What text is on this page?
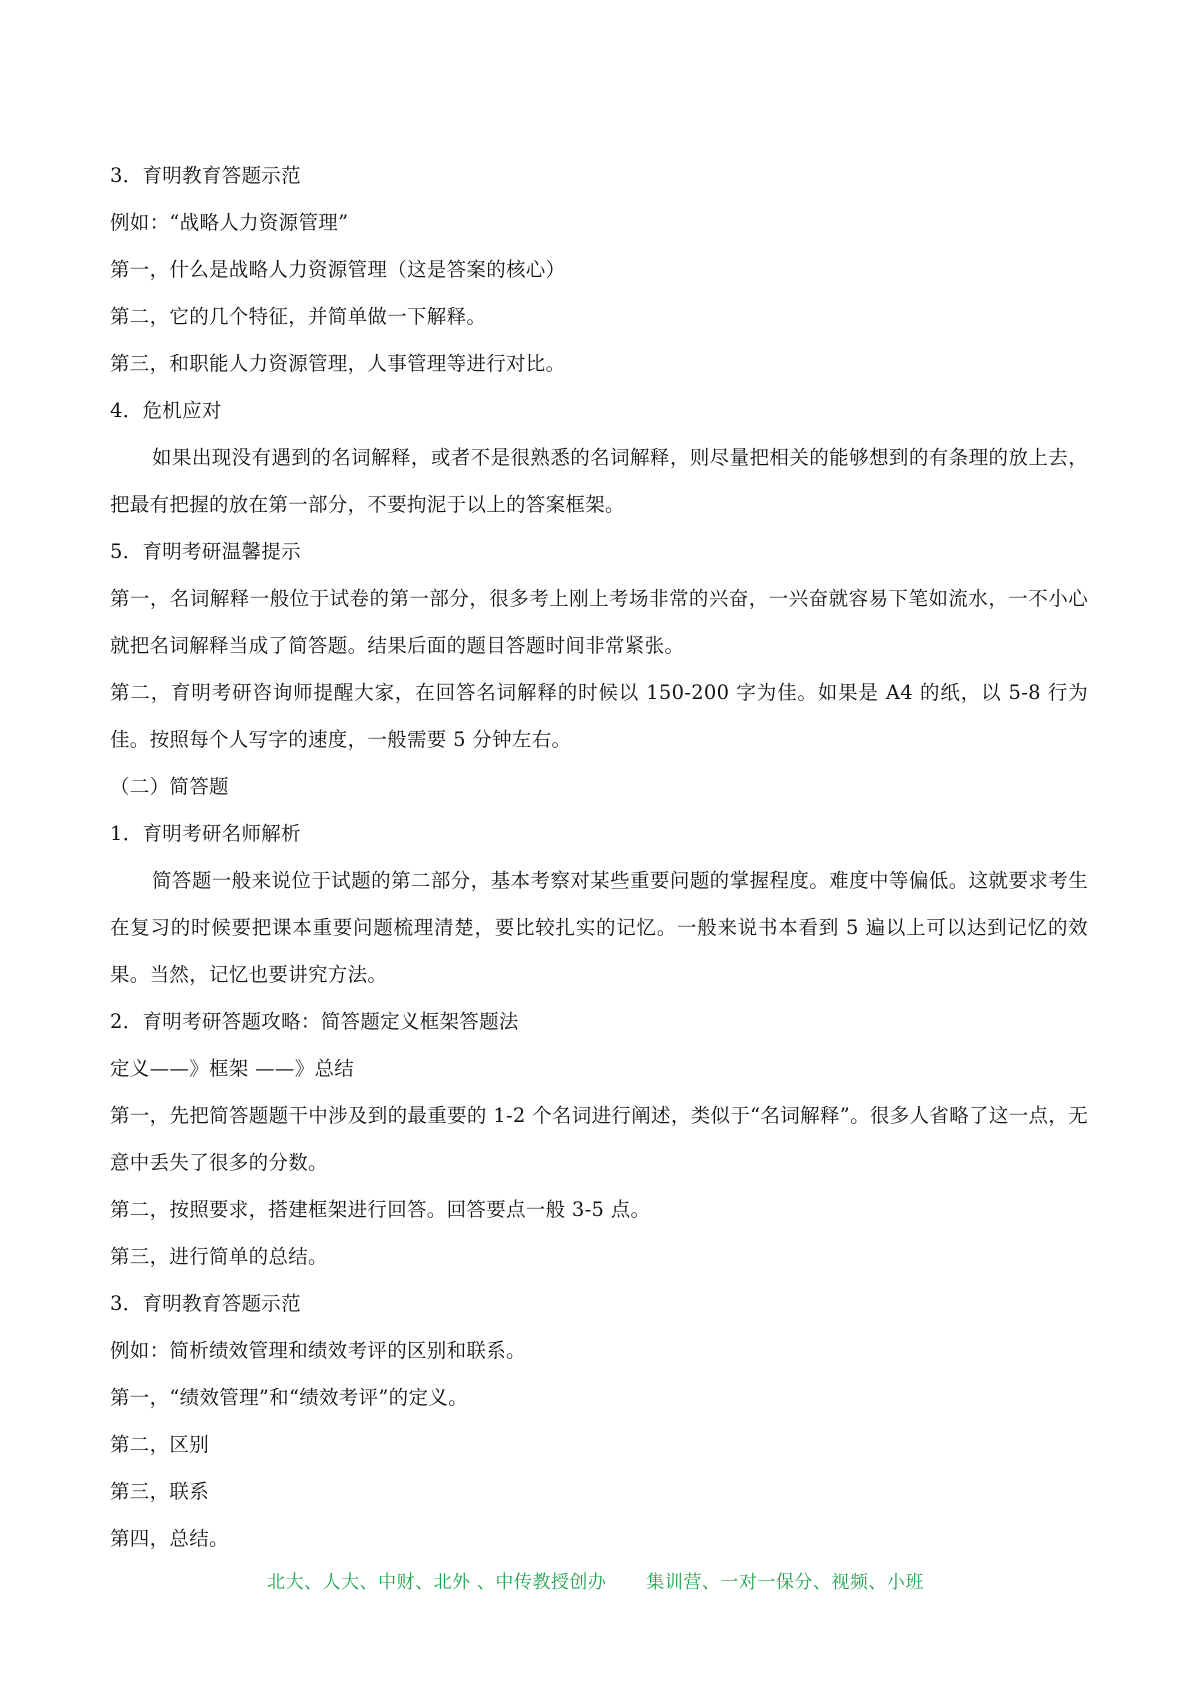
3．育明教育答题示范
例如：“战略人力资源管理”
第一，什么是战略人力资源管理（这是答案的核心）
第二，它的几个特征，并简单做一下解释。
第三，和职能人力资源管理，人事管理等进行对比。
4．危机应对

如果出现没有遇到的名词解释，或者不是很熟悉的名词解释，则尽量把相关的能够想到的有条理的放上去，把最有把握的放在第一部分，不要拘泥于以上的答案框架。

5．育明考研温馨提示

第一，名词解释一般位于试卷的第一部分，很多考上刚上考场非常的兴奋，一兴奋就容易下笔如流水，一不小心就把名词解释当成了简答题。结果后面的题目答题时间非常紧张。

第二，育明考研咨询师提醒大家，在回答名词解释的时候以 150-200 字为佳。如果是 A4 的纸，以 5-8 行为佳。按照每个人写字的速度，一般需要 5 分钟左右。

（二）简答题
1．育明考研名师解析

简答题一般来说位于试题的第二部分，基本考察对某些重要问题的掌握程度。难度中等偏低。这就要求考生在复习的时候要把课本重要问题梳理清楚，要比较扎实的记忆。一般来说书本看到 5 遍以上可以达到记忆的效果。当然，记忆也要讲究方法。

2．育明考研答题攻略：简答题定义框架答题法
定义——》框架 ——》总结

第一，先把简答题题干中涉及到的最重要的 1-2 个名词进行阐述，类似于“名词解释”。很多人省略了这一点，无意中丢失了很多的分数。

第二，按照要求，搭建框架进行回答。回答要点一般 3-5 点。
第三，进行简单的总结。
3．育明教育答题示范
例如：简析绩效管理和绩效考评的区别和联系。
第一，“绩效管理”和“绩效考评”的定义。
第二，区别
第三，联系
第四，总结。
北大、人大、中财、北外 、中传教授创办 集训营、一对一保分、视频、小班
